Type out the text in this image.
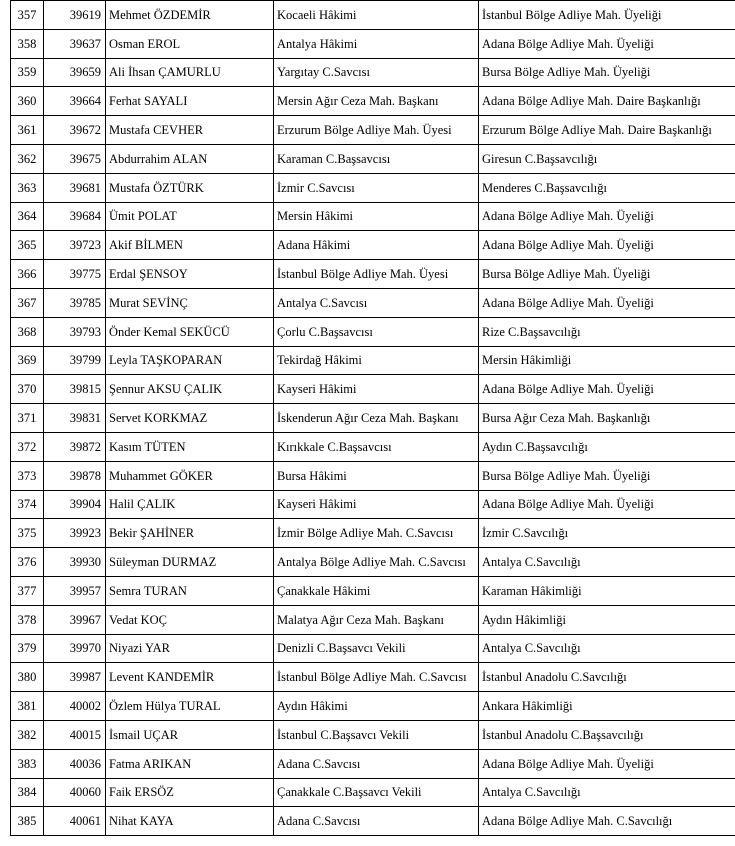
357	39619	Mehmet ÖZDEMİR	Kocaeli Hâkimi	İstanbul Bölge Adliye Mah. Üyeliği
358	39637	Osman EROL	Antalya Hâkimi	Adana Bölge Adliye Mah. Üyeliği
359	39659	Ali İhsan ÇAMURLU	Yargıtay C.Savcısı	Bursa Bölge Adliye Mah. Üyeliği
360	39664	Ferhat SAYALI	Mersin Ağır Ceza Mah. Başkanı	Adana Bölge Adliye Mah. Daire Başkanlığı
361	39672	Mustafa CEVHER	Erzurum Bölge Adliye Mah. Üyesi	Erzurum Bölge Adliye Mah. Daire Başkanlığı
362	39675	Abdurrahim ALAN	Karaman C.Başsavcısı	Giresun C.Başsavcılığı
363	39681	Mustafa ÖZTÜRK	İzmir C.Savcısı	Menderes C.Başsavcılığı
364	39684	Ümit POLAT	Mersin Hâkimi	Adana Bölge Adliye Mah. Üyeliği
365	39723	Akif BİLMEN	Adana Hâkimi	Adana Bölge Adliye Mah. Üyeliği
366	39775	Erdal ŞENSOY	İstanbul Bölge Adliye Mah. Üyesi	Bursa Bölge Adliye Mah. Üyeliği
367	39785	Murat SEVİNÇ	Antalya C.Savcısı	Adana Bölge Adliye Mah. Üyeliği
368	39793	Önder Kemal SEKÜCÜ	Çorlu C.Başsavcısı	Rize C.Başsavcılığı
369	39799	Leyla TAŞKOPARAN	Tekirdağ Hâkimi	Mersin Hâkimliği
370	39815	Şennur AKSU ÇALIK	Kayseri Hâkimi	Adana Bölge Adliye Mah. Üyeliği
371	39831	Servet KORKMAZ	İskenderun Ağır Ceza Mah. Başkanı	Bursa Ağır Ceza Mah. Başkanlığı
372	39872	Kasım TÜTEN	Kırıkkale C.Başsavcısı	Aydın C.Başsavcılığı
373	39878	Muhammet GÖKER	Bursa Hâkimi	Bursa Bölge Adliye Mah. Üyeliği
374	39904	Halil ÇALIK	Kayseri Hâkimi	Adana Bölge Adliye Mah. Üyeliği
375	39923	Bekir ŞAHİNER	İzmir Bölge Adliye Mah. C.Savcısı	İzmir C.Savcılığı
376	39930	Süleyman DURMAZ	Antalya Bölge Adliye Mah. C.Savcısı	Antalya C.Savcılığı
377	39957	Semra TURAN	Çanakkale Hâkimi	Karaman Hâkimliği
378	39967	Vedat KOÇ	Malatya Ağır Ceza Mah. Başkanı	Aydın Hâkimliği
379	39970	Niyazi YAR	Denizli C.Başsavcı Vekili	Antalya C.Savcılığı
380	39987	Levent KANDEMİR	İstanbul Bölge Adliye Mah. C.Savcısı	İstanbul Anadolu C.Savcılığı
381	40002	Özlem Hülya TURAL	Aydın Hâkimi	Ankara Hâkimliği
382	40015	İsmail UÇAR	İstanbul C.Başsavcı Vekili	İstanbul Anadolu C.Başsavcılığı
383	40036	Fatma ARIKAN	Adana C.Savcısı	Adana Bölge Adliye Mah. Üyeliği
384	40060	Faik ERSÖZ	Çanakkale C.Başsavcı Vekili	Antalya C.Savcılığı
385	40061	Nihat KAYA	Adana C.Savcısı	Adana Bölge Adliye Mah. C.Savcılığı
